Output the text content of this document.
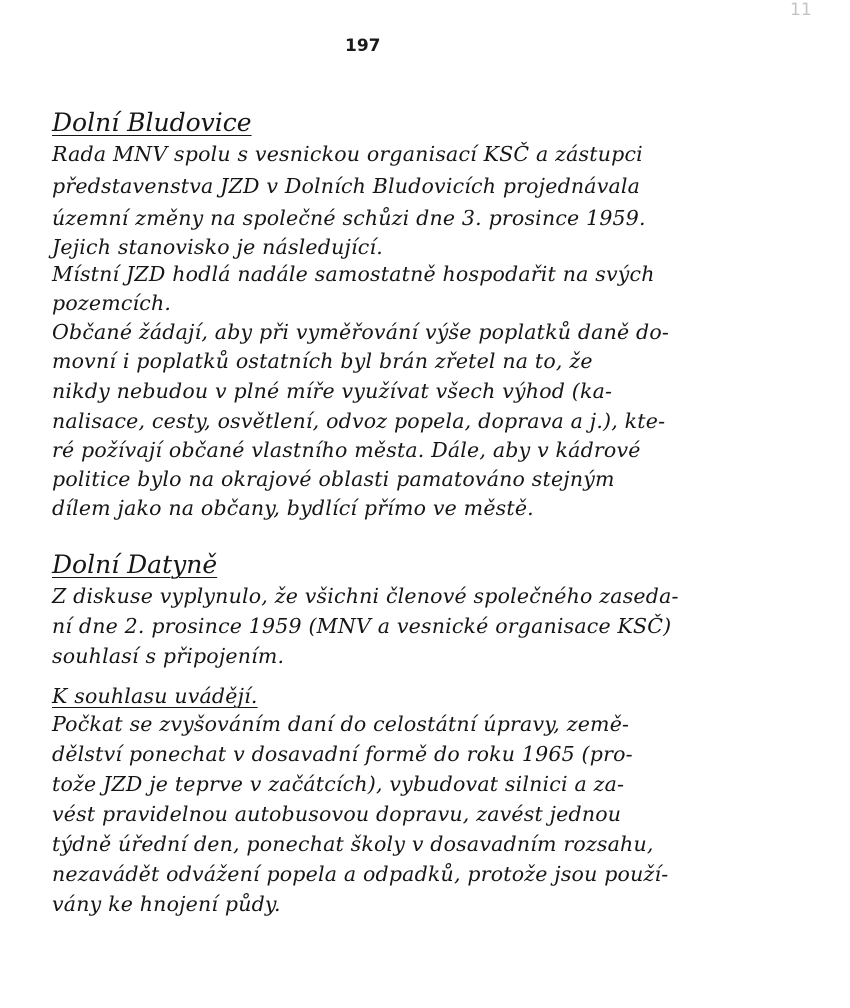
11
197
Dolní Bludovice
Rada MNV spolu s vesnickou organisací KSČ a zástupci
představenstva JZD v Dolních Bludovicích projednávala
územní změny na společné schůzi dne 3. prosince 1959.
Jejich stanovisko je následující.
Místní JZD hodlá nadále samostatně hospodařit na svých
pozemcích.
Občané žádají, aby při vyměřování výše poplatků daně do-
movní i poplatků ostatních byl brán zřetel na to, že
nikdy nebudou v plné míře využívat všech výhod (ka-
nalisace, cesty, osvětlení, odvoz popela, doprava a j.), kte-
ré požívají občané vlastního města. Dále, aby v kádrové
politice bylo na okrajové oblasti pamatováno stejným
dílem jako na občany, bydlící přímo ve městě.
Dolní Datyně
Z diskuse vyplynulo, že všichni členové společného zaseda-
ní dne 2. prosince 1959 (MNV a vesnické organisace KSČ)
souhlasí s připojením.
K souhlasu uvádějí.
Počkat se zvyšováním daní do celostátní úpravy, země-
dělství ponechat v dosavadní formě do roku 1965 (pro-
tože JZD je teprve v začátcích), vybudovat silnici a za-
vést pravidelnou autobusovou dopravu, zavést jednou
týdně úřední den, ponechat školy v dosavadním rozsahu,
nezavádět odvážení popela a odpadků, protože jsou použí-
vány ke hnojení půdy.
